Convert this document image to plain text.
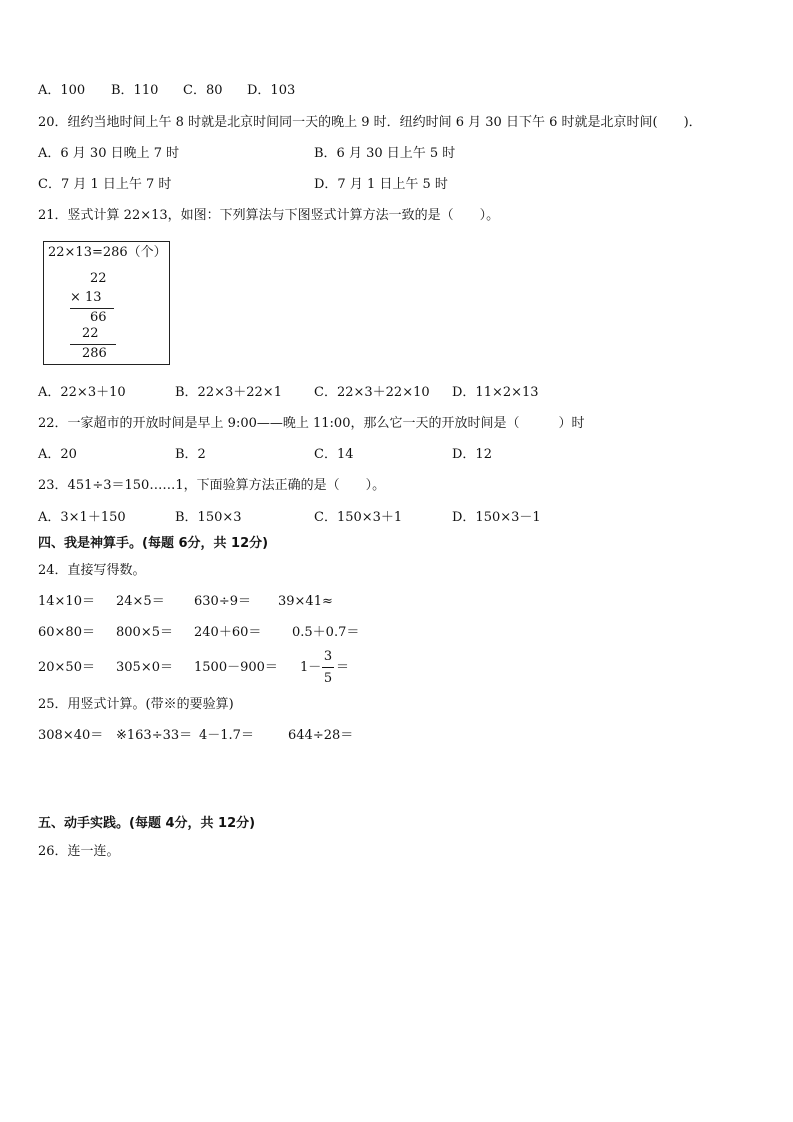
A．100 B．110 C．80 D．103
20．纽约当地时间上午 8 时就是北京时间同一天的晚上 9 时．纽约时间 6 月 30 日下午 6 时就是北京时间(　　)．
A．6 月 30 日晚上 7 时	B．6 月 30 日上午 5 时
C．7 月 1 日上午 7 时	D．7 月 1 日上午 5 时
21．竖式计算 22×13，如图：下列算法与下图竖式计算方法一致的是（　　）。
22×13=286（个）
22
× 13
66
22
286
A．22×3＋10	B．22×3＋22×1 C．22×3＋22×10 D．11×2×13
22．一家超市的开放时间是早上 9:00——晚上 11:00，那么它一天的开放时间是（　　　）时
A．20	B．2	C．14	D．12
23．451÷3＝150……1，下面验算方法正确的是（　　）。
A．3×1＋150	B．150×3	C．150×3＋1	D．150×3－1
四、我是神算手。(每题 6分，共 12分)
24．直接写得数。
14×10＝ 24×5＝ 630÷9＝ 39×41≈
60×80＝ 800×5＝ 240＋60＝ 0.5＋0.7＝
20×50＝ 305×0＝ 1500－900＝ 1－
3
5
＝
25．用竖式计算。(带※的要验算)
308×40＝ ※163÷33＝ 4－1.7＝	644÷28＝
五、动手实践。(每题 4分，共 12分)
26．连一连。
